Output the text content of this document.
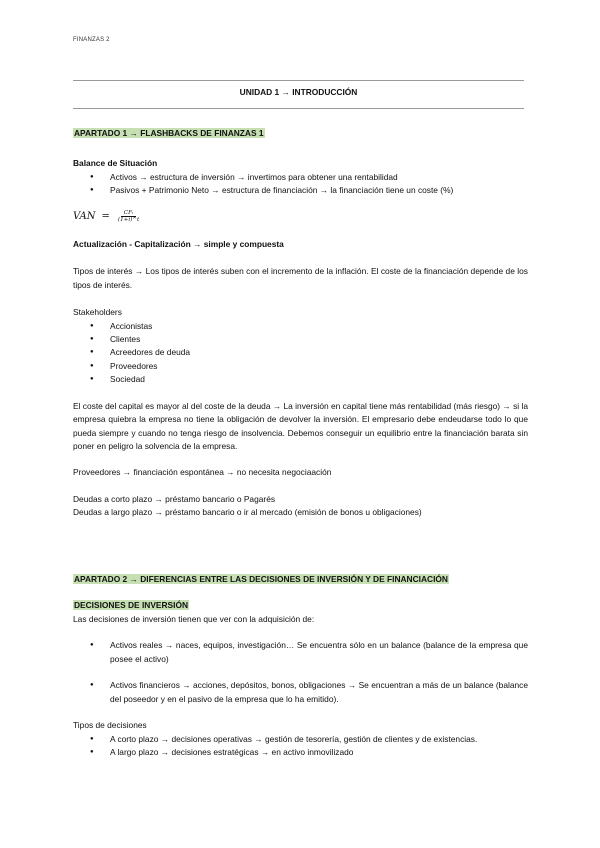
FINANZAS 2
UNIDAD 1 → INTRODUCCIÓN

APARTADO 1 → FLASHBACKS DE FINANZAS 1

Balance de Situación

● Activos → estructura de inversión → invertimos para obtener una rentabilidad
● Pasivos + Patrimonio Neto → estructura de financiación → la financiación tiene un coste (%)
VAN = $\frac{\text{CFₜ}}{(1+i)\^{}t}$

Actualización - Capitalización → simple y compuesta

Tipos de interés → Los tipos de interés suben con el incremento de la inflación. El coste de la financiación depende de los tipos de interés.

Stakeholders

● Accionistas
● Clientes
● Acreedores de deuda
● Proveedores
● Sociedad

El coste del capital es mayor al del coste de la deuda → La inversión en capital tiene más rentabilidad (más riesgo) → si la empresa quiebra la empresa no tiene la obligación de devolver la inversión. El empresario debe endeudarse todo lo que pueda siempre y cuando no tenga riesgo de insolvencia. Debemos conseguir un equilibrio entre la financiación barata sin poner en peligro la solvencia de la empresa.

Proveedores → financiación espontánea → no necesita negociaación

Deudas a corto plazo → préstamo bancario o Pagarés

Deudas a largo plazo → préstamo bancario o ir al mercado (emisión de bonos u obligaciones)

APARTADO 2 → DIFERENCIAS ENTRE LAS DECISIONES DE INVERSIÓN Y DE FINANCIACIÓN

DECISIONES DE INVERSIÓN

Las decisiones de inversión tienen que ver con la adquisición de:

● Activos reales → naces, equipos, investigación… Se encuentra sólo en un balance (balance de la empresa que posee el activo)
● Activos financieros → acciones, depósitos, bonos, obligaciones → Se encuentran a más de un balance (balance del poseedor y en el pasivo de la empresa que lo ha emitido).

Tipos de decisiones

● A corto plazo → decisiones operativas → gestión de tesorería, gestión de clientes y de existencias.
● A largo plazo → decisiones estratégicas → en activo inmovilizado
